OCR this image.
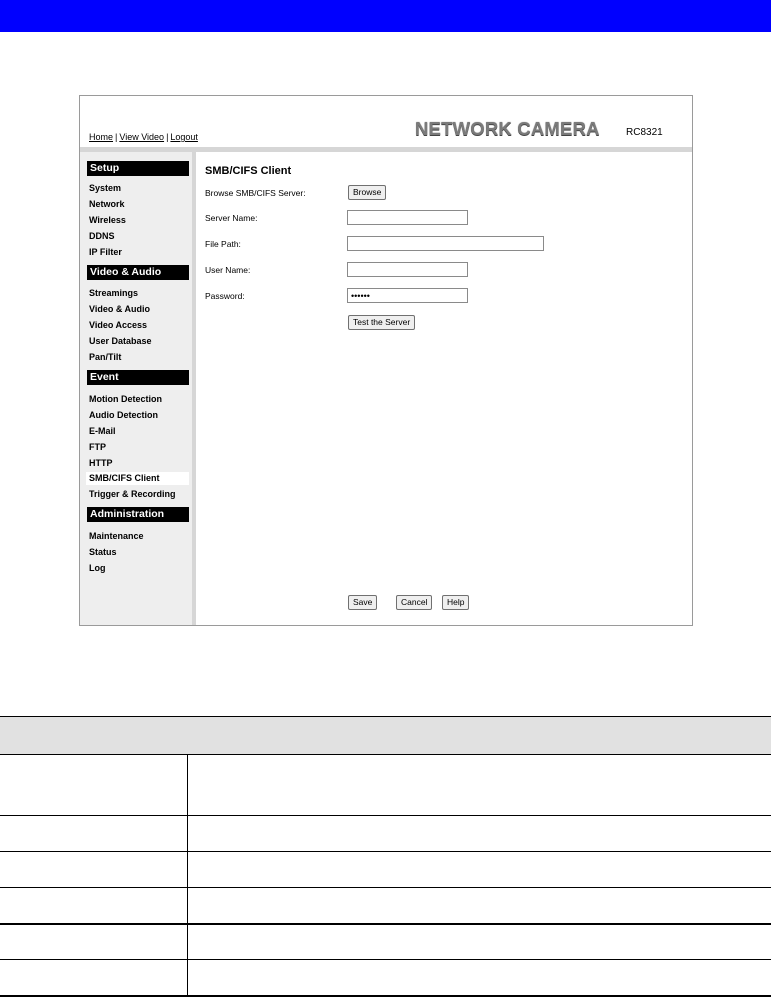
Home | View Video | Logout	NETWORK CAMERA	RC8321
Setup
System
Network
Wireless
DDNS
IP Filter
Video & Audio
Streamings
Video & Audio
Video Access
User Database
Pan/Tilt
Event
Motion Detection
Audio Detection
E-Mail
FTP
HTTP
SMB/CIFS Client
Trigger & Recording
Administration
Maintenance
Status
Log
SMB/CIFS Client
Browse SMB/CIFS Server:	Browse
Server Name:
File Path:
User Name:
Password:
••••••
Test the Server
Save	Cancel	Help
